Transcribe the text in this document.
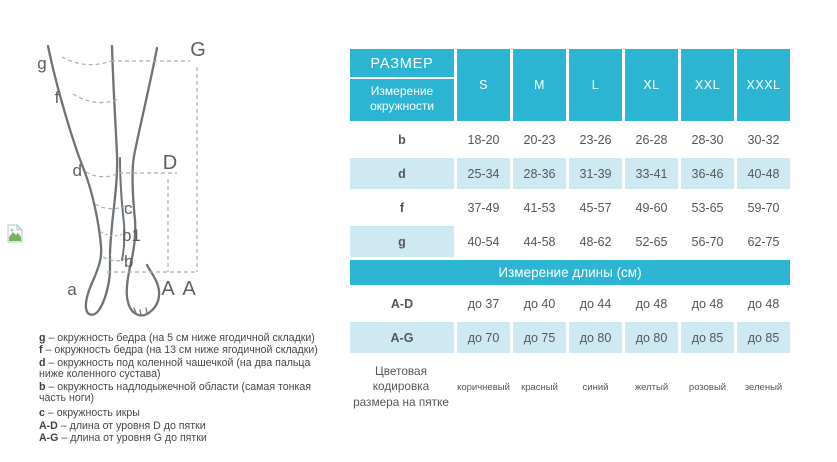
g
f
d
c
b1
b
a
G
D
A A
g – окружность бедра (на 5 см ниже ягодичной складки)
f – окружность бедра (на 13 см ниже ягодичной складки)
d – окружность под коленной чашечкой (на два пальца ниже коленного сустава)
b – окружность надлодыжечной области (самая тонкая часть ноги)
c – окружность икры
A-D – длина от уровня D до пятки
A-G – длина от уровня G до пятки
РАЗМЕР
Измерение окружности	S	M	L	XL	XXL	XXXL
b	18-20	20-23	23-26	26-28	28-30	30-32
d	25-34	28-36	31-39	33-41	36-46	40-48
f	37-49	41-53	45-57	49-60	53-65	59-70
g	40-54	44-58	48-62	52-65	56-70	62-75
Измерение длины (см)						
A-D	до 37	до 40	до 44	до 48	до 48	до 48
A-G	до 70	до 75	до 80	до 80	до 85	до 85
Цветовая кодировка размера на пятке	коричневый	красный	синий	желтый	розовый	зеленый
